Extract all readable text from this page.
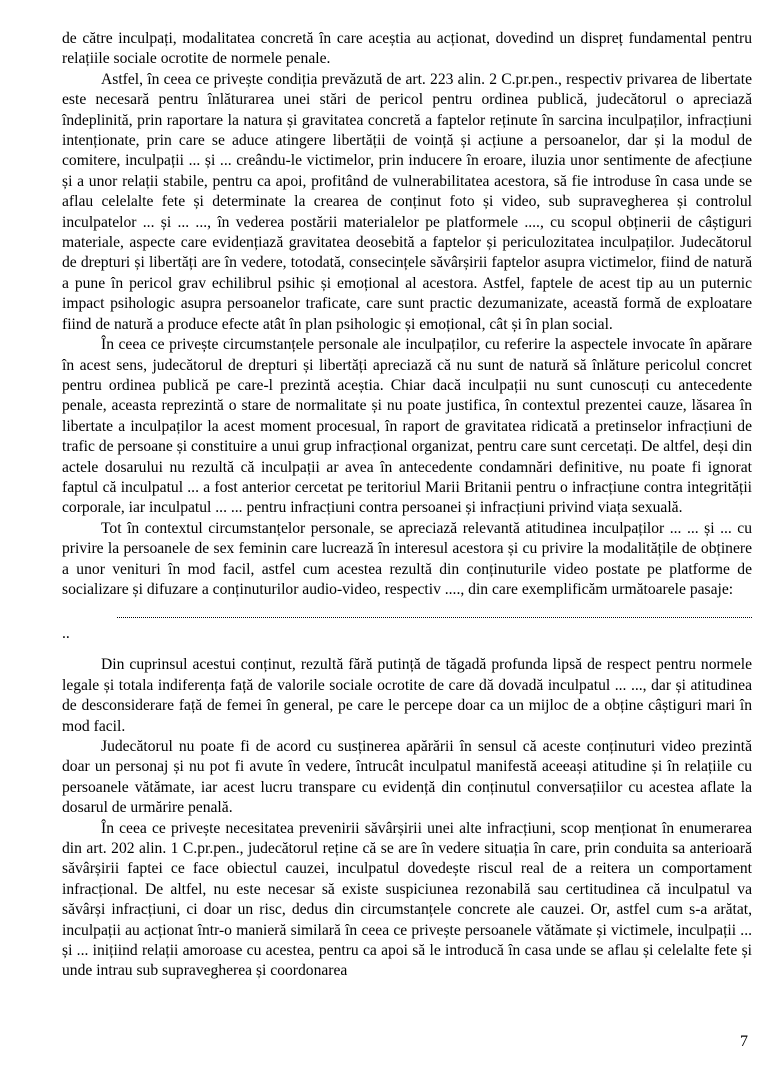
de către inculpați, modalitatea concretă în care aceștia au acționat, dovedind un dispreț fundamental pentru relațiile sociale ocrotite de normele penale.

Astfel, în ceea ce privește condiția prevăzută de art. 223 alin. 2 C.pr.pen., respectiv privarea de libertate este necesară pentru înlăturarea unei stări de pericol pentru ordinea publică, judecătorul o apreciază îndeplinită, prin raportare la natura și gravitatea concretă a faptelor reținute în sarcina inculpaților, infracțiuni intenționate, prin care se aduce atingere libertății de voință și acțiune a persoanelor, dar și la modul de comitere, inculpații ... și ... creându-le victimelor, prin inducere în eroare, iluzia unor sentimente de afecțiune și a unor relații stabile, pentru ca apoi, profitând de vulnerabilitatea acestora, să fie introduse în casa unde se aflau celelalte fete și determinate la crearea de conținut foto și video, sub supravegherea și controlul inculpatelor ... și ... ..., în vederea postării materialelor pe platformele ...., cu scopul obținerii de câștiguri materiale, aspecte care evidențiază gravitatea deosebită a faptelor și periculozitatea inculpaților. Judecătorul de drepturi și libertăți are în vedere, totodată, consecințele săvârșirii faptelor asupra victimelor, fiind de natură a pune în pericol grav echilibrul psihic și emoțional al acestora. Astfel, faptele de acest tip au un puternic impact psihologic asupra persoanelor traficate, care sunt practic dezumanizate, această formă de exploatare fiind de natură a produce efecte atât în plan psihologic și emoțional, cât și în plan social.

În ceea ce privește circumstanțele personale ale inculpaților, cu referire la aspectele invocate în apărare în acest sens, judecătorul de drepturi și libertăți apreciază că nu sunt de natură să înlăture pericolul concret pentru ordinea publică pe care-l prezintă aceștia. Chiar dacă inculpații nu sunt cunoscuți cu antecedente penale, aceasta reprezintă o stare de normalitate și nu poate justifica, în contextul prezentei cauze, lăsarea în libertate a inculpaților la acest moment procesual, în raport de gravitatea ridicată a pretinselor infracțiuni de trafic de persoane și constituire a unui grup infracțional organizat, pentru care sunt cercetați. De altfel, deși din actele dosarului nu rezultă că inculpații ar avea în antecedente condamnări definitive, nu poate fi ignorat faptul că inculpatul ... a fost anterior cercetat pe teritoriul Marii Britanii pentru o infracțiune contra integrității corporale, iar inculpatul ... ... pentru infracțiuni contra persoanei și infracțiuni privind viața sexuală.

Tot în contextul circumstanțelor personale, se apreciază relevantă atitudinea inculpaților ... ... și ... cu privire la persoanele de sex feminin care lucrează în interesul acestora și cu privire la modalitățile de obținere a unor venituri în mod facil, astfel cum acestea rezultă din conținuturile video postate pe platforme de socializare și difuzare a conținuturilor audio-video, respectiv ...., din care exemplificăm următoarele pasaje:

..

Din cuprinsul acestui conținut, rezultă fără putință de tăgadă profunda lipsă de respect pentru normele legale și totala indiferența față de valorile sociale ocrotite de care dă dovadă inculpatul ... ..., dar și atitudinea de desconsiderare față de femei în general, pe care le percepe doar ca un mijloc de a obține câștiguri mari în mod facil.

Judecătorul nu poate fi de acord cu susținerea apărării în sensul că aceste conținuturi video prezintă doar un personaj și nu pot fi avute în vedere, întrucât inculpatul manifestă aceeași atitudine și în relațiile cu persoanele vătămate, iar acest lucru transpare cu evidență din conținutul conversațiilor cu acestea aflate la dosarul de urmărire penală.

În ceea ce privește necesitatea prevenirii săvârșirii unei alte infracțiuni, scop menționat în enumerarea din art. 202 alin. 1 C.pr.pen., judecătorul reține că se are în vedere situația în care, prin conduita sa anterioară săvârșirii faptei ce face obiectul cauzei, inculpatul dovedește riscul real de a reitera un comportament infracțional. De altfel, nu este necesar să existe suspiciunea rezonabilă sau certitudinea că inculpatul va săvârși infracțiuni, ci doar un risc, dedus din circumstanțele concrete ale cauzei. Or, astfel cum s-a arătat, inculpații au acționat într-o manieră similară în ceea ce privește persoanele vătămate și victimele, inculpații ... și ... inițiind relații amoroase cu acestea, pentru ca apoi să le introducă în casa unde se aflau și celelalte fete și unde intrau sub supravegherea și coordonarea

7
